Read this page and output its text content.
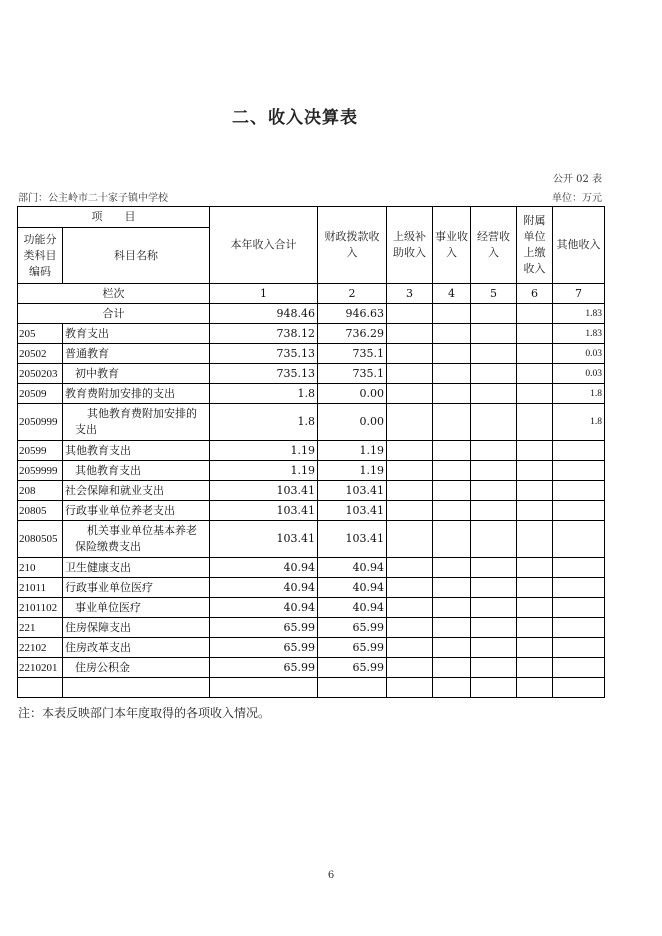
二、收入决算表
公开 02 表
部门：公主岭市二十家子镇中学校	单位：万元
项　　目		本年收入合计	财政拨款收入	上级补助收入	事业收入	经营收入	附属单位上缴收入	其他收入
功能分类科目编码	科目名称							
栏次		1	2	3	4	5	6	7
合计		948.46	946.63					1.83
205	教育支出	738.12	736.29					1.83
20502	普通教育	735.13	735.1					0.03
2050203	初中教育	735.13	735.1					0.03
20509	教育费附加安排的支出	1.8	0.00					1.8
2050999	其他教育费附加安排的支出	1.8	0.00					1.8
20599	其他教育支出	1.19	1.19					
2059999	其他教育支出	1.19	1.19					
208	社会保障和就业支出	103.41	103.41					
20805	行政事业单位养老支出	103.41	103.41					
2080505	机关事业单位基本养老保险缴费支出	103.41	103.41					
210	卫生健康支出	40.94	40.94					
21011	行政事业单位医疗	40.94	40.94					
2101102	事业单位医疗	40.94	40.94					
221	住房保障支出	65.99	65.99					
22102	住房改革支出	65.99	65.99					
2210201	住房公积金	65.99	65.99					

注：本表反映部门本年度取得的各项收入情况。
6
